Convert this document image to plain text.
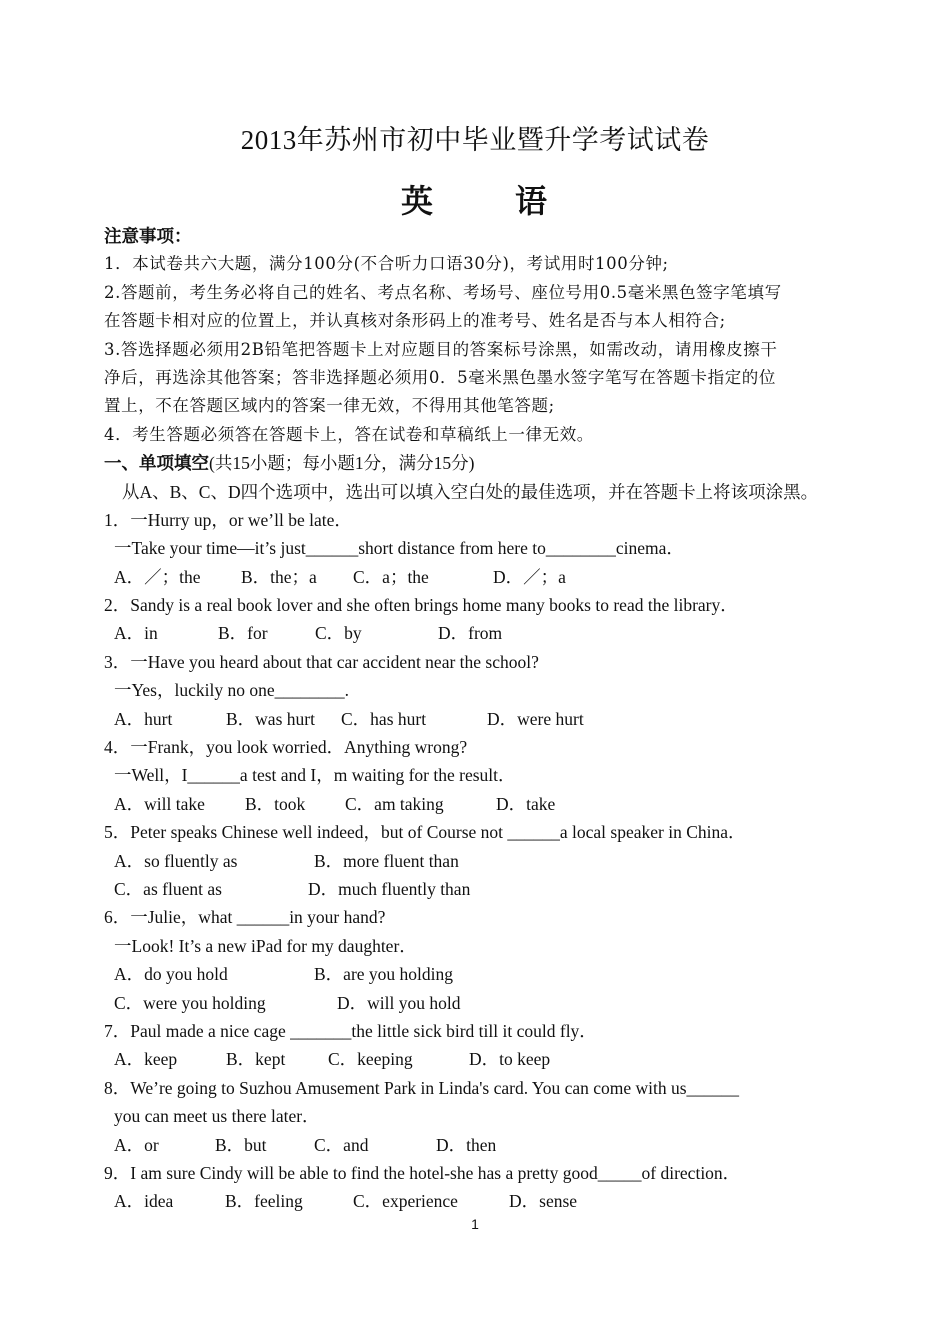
2013年苏州市初中毕业暨升学考试试卷
英	语
注意事项：
1．本试卷共六大题，满分100分(不合听力口语30分)，考试用时100分钟;
2.答题前，考生务必将自己的姓名、考点名称、考场号、座位号用0.5毫米黑色签字笔填写
在答题卡相对应的位置上，并认真核对条形码上的准考号、姓名是否与本人相符合;
3.答选择题必须用2B铅笔把答题卡上对应题目的答案标号涂黑，如需改动，请用橡皮擦干
净后，再选涂其他答案；答非选择题必须用0．5毫米黑色墨水签字笔写在答题卡指定的位
置上，不在答题区域内的答案一律无效，不得用其他笔答题;
4．考生答题必须答在答题卡上，答在试卷和草稿纸上一律无效。
一、单项填空(共15小题；每小题1分，满分15分)
从A、B、C、D四个选项中，选出可以填入空白处的最佳选项，并在答题卡上将该项涂黑。
1．一Hurry up，or we’ll be late．
一Take your time—it’s just______short distance from here to________cinema．
A．／；the B．the；a C．a；the	D．／；a
2．Sandy is a real book lover and she often brings home many books to read the library．
A．in	B．for	C．by	D．from
3．一Have you heard about that car accident near the school?
一Yes，luckily no one________.
A．hurt	B．was hurt C．has hurt	D．were hurt
4．一Frank，you look worried．Anything wrong?
一Well，I______a test and I，m waiting for the result．
A．will take B．took C．am taking	D．take
5．Peter speaks Chinese well indeed，but of Course not ______a local speaker in China．
A．so fluently as	B．more fluent than
C．as fluent as	D．much fluently than
6．一Julie，what ______in your hand?
一Look! It’s a new iPad for my daughter．
A．do you hold	B．are you holding
C．were you holding	D．will you hold
7．Paul made a nice cage _______the little sick bird till it could fly．
A．keep	B．kept C．keeping	D．to keep
8．We’re going to Suzhou Amusement Park in Linda's card. You can come with us______
you can meet us there later．
A．or	B．but	C．and	D．then
9．I am sure Cindy will be able to find the hotel-she has a pretty good_____of direction．
A．idea	B．feeling	C．experience	D．sense
1
